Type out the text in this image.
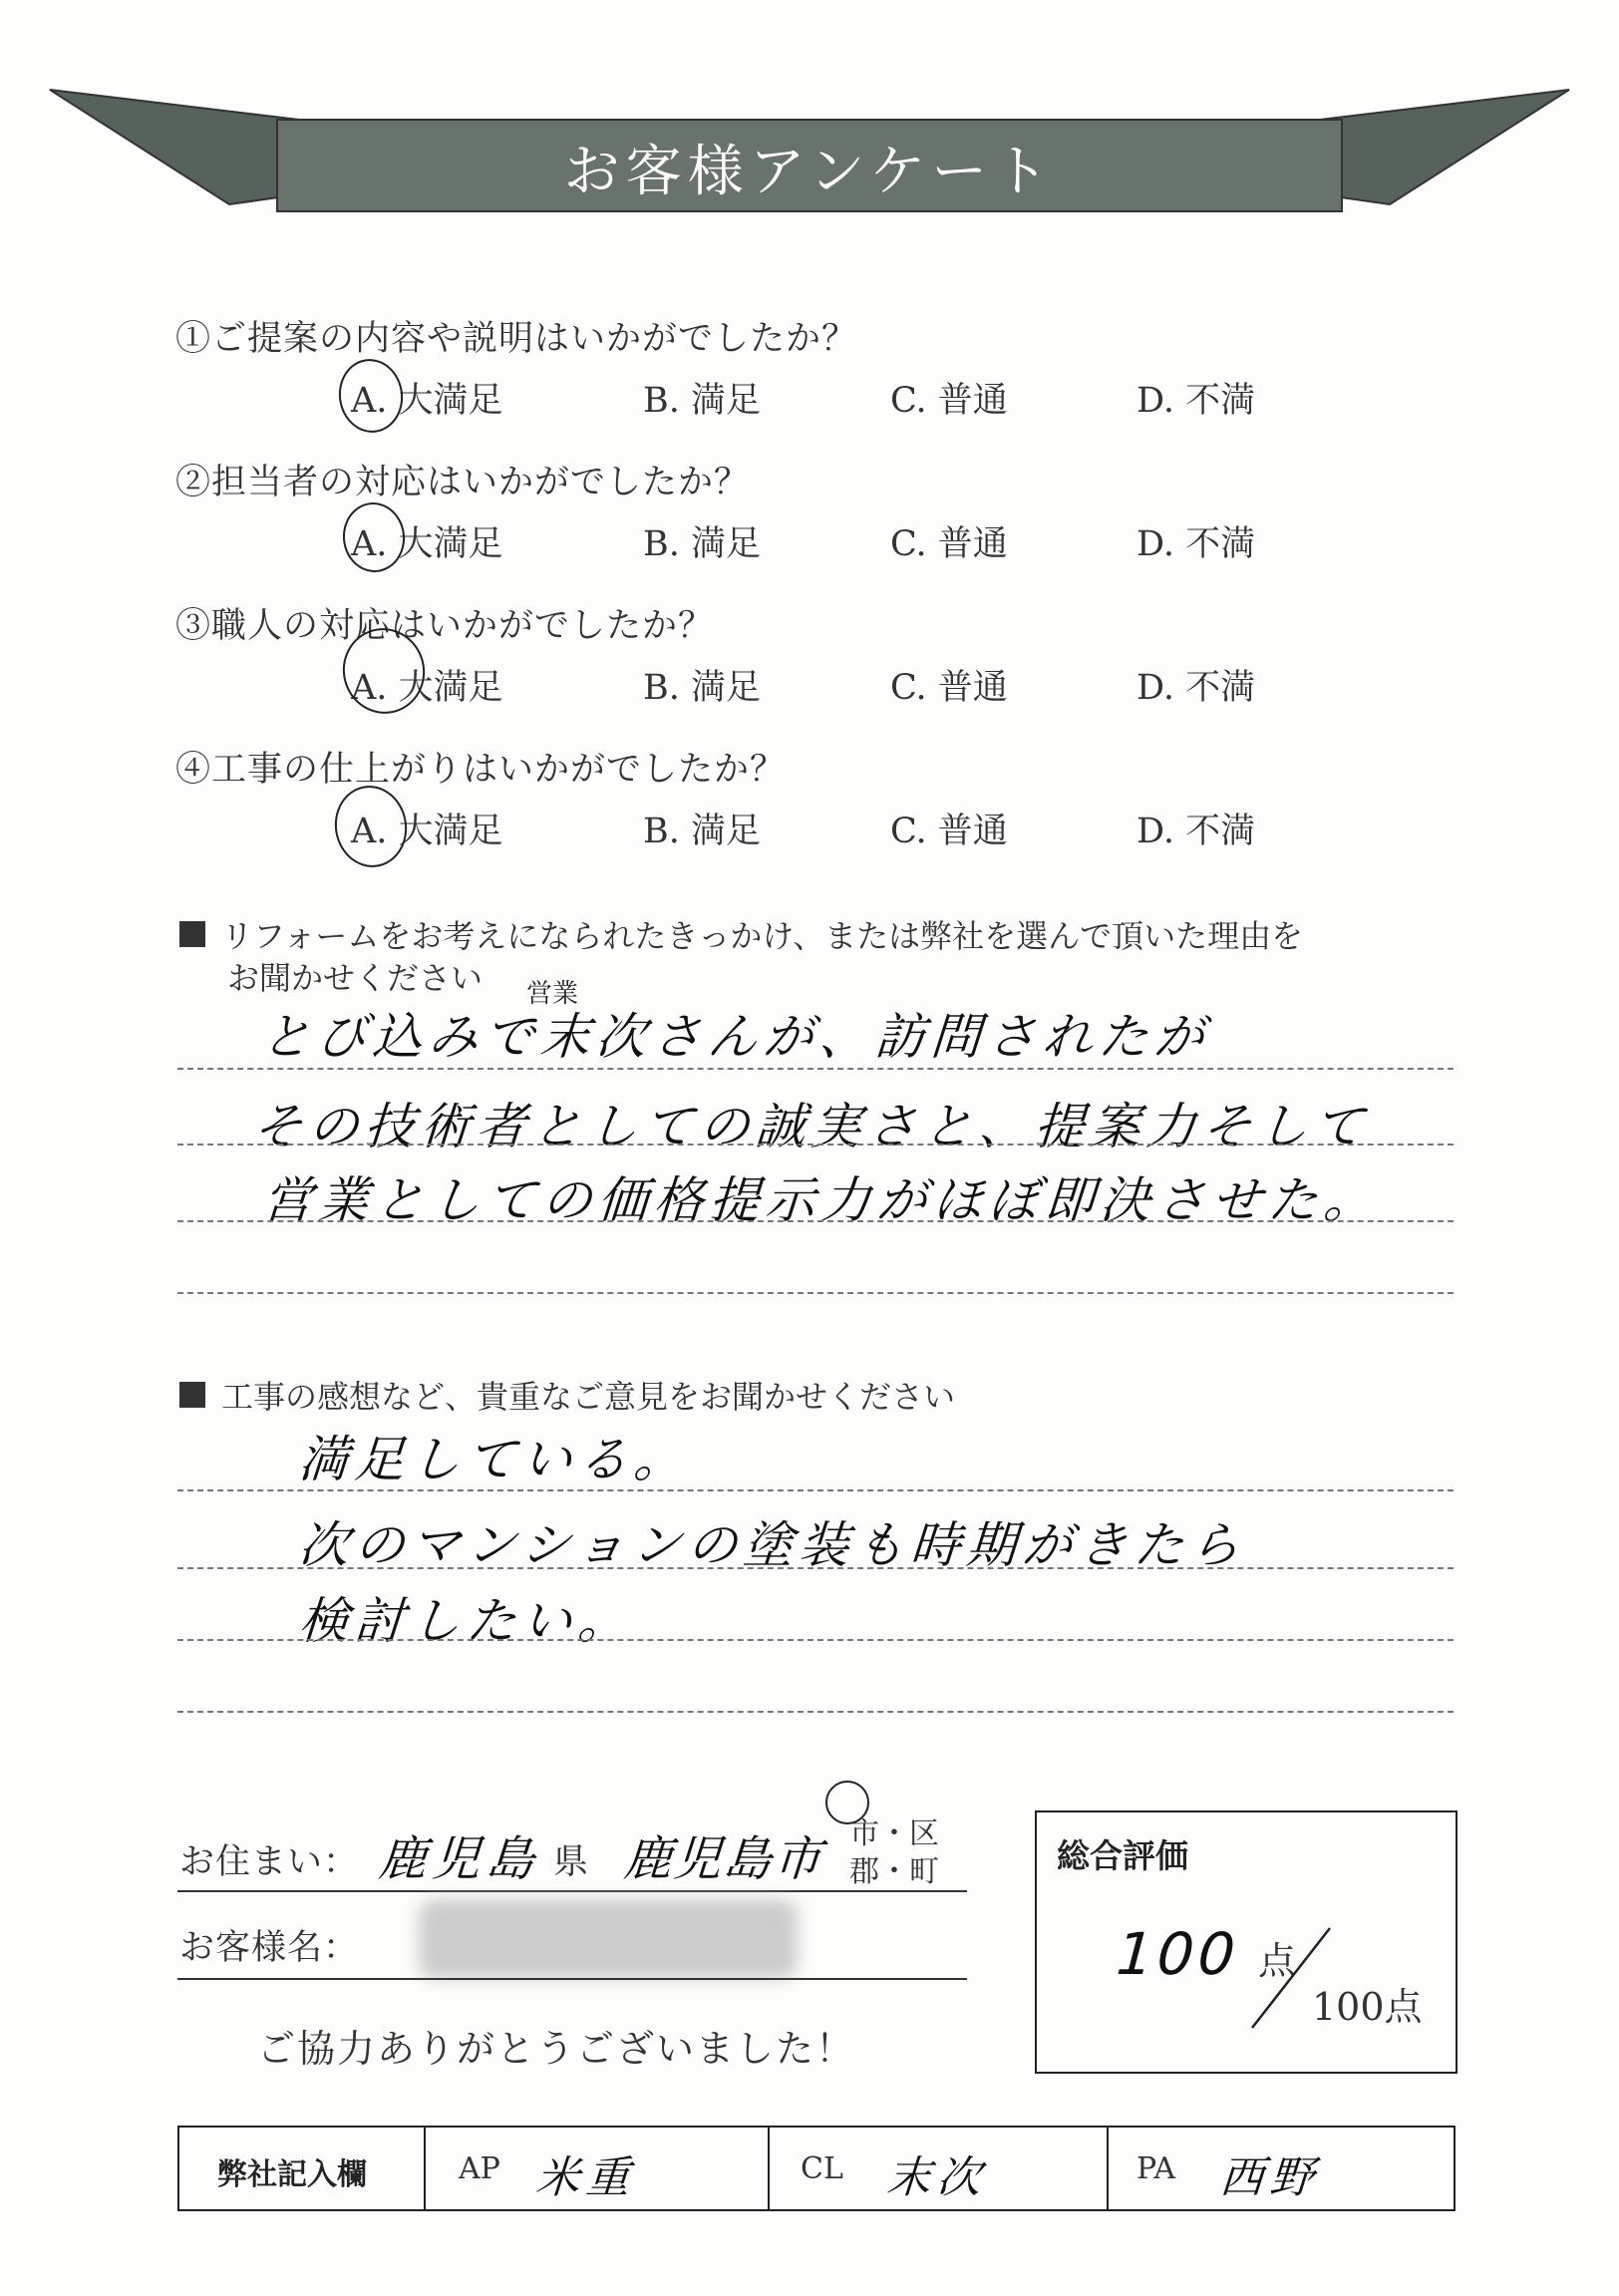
お客様アンケート
①ご提案の内容や説明はいかがでしたか？
A. 大満足	B. 満足	C. 普通	D. 不満
②担当者の対応はいかがでしたか？
A. 大満足	B. 満足	C. 普通	D. 不満
③職人の対応はいかがでしたか？
A. 大満足	B. 満足	C. 普通	D. 不満
④工事の仕上がりはいかがでしたか？
A. 大満足	B. 満足	C. 普通	D. 不満
リフォームをお考えになられたきっかけ、または弊社を選んで頂いた理由を
お聞かせください 営業
とび込みで末次さんが、訪問されたが
その技術者としての誠実さと、提案力そして
営業としての価格提示力がほぼ即決させた。
工事の感想など、貴重なご意見をお聞かせください
満足している。
次のマンションの塗装も時期がきたら
検討したい。
お住まい： 鹿児島 県 鹿児島市 市・区
郡・町
お客様名：
ご協力ありがとうございました！
総合評価
100 点
100点
弊社記入欄	AP 米重	CL 末次	PA 西野
